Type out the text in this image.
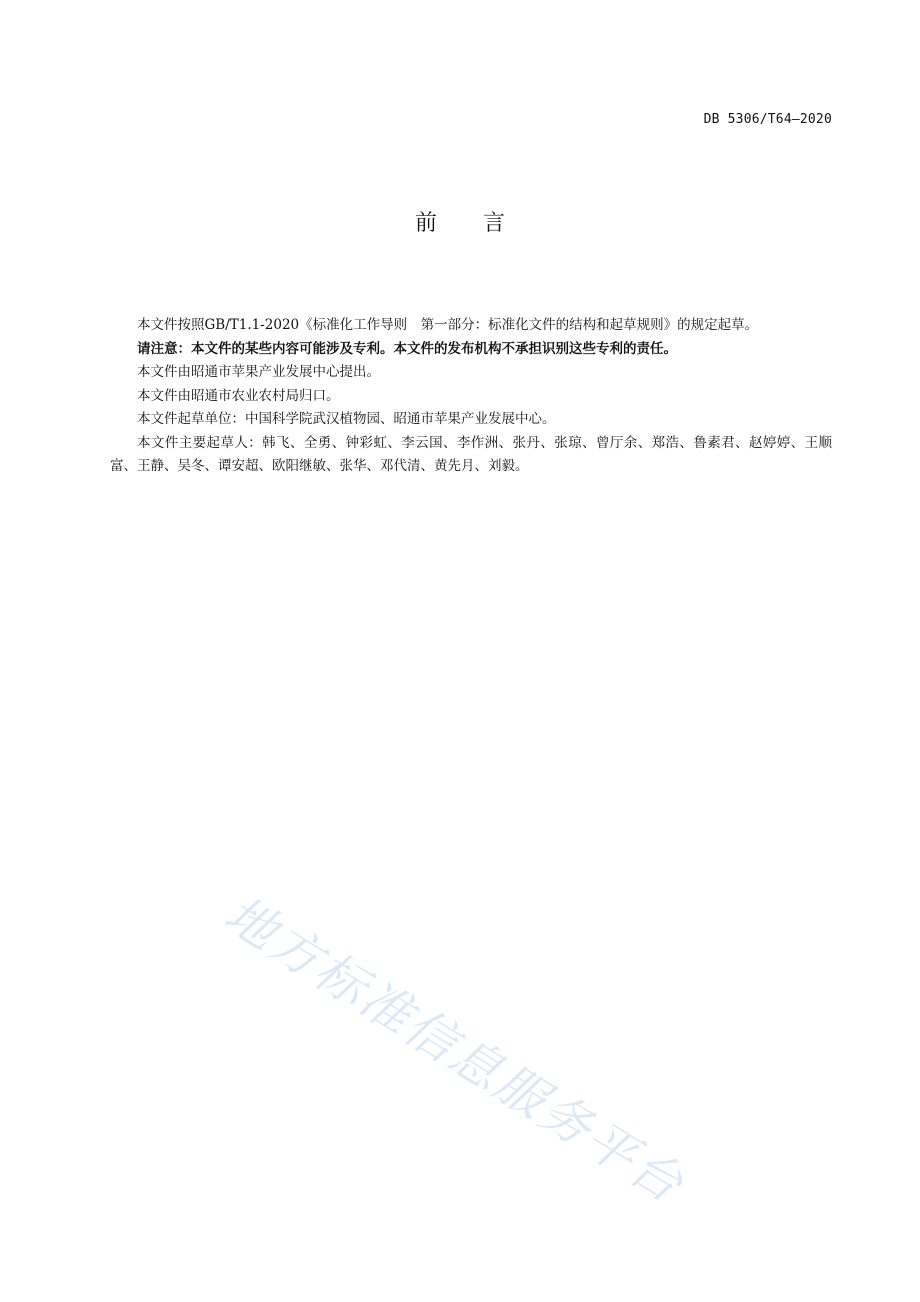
DB 5306/T64—2020
前言

本文件按照GB/T1.1-2020《标准化工作导则　第一部分：标准化文件的结构和起草规则》的规定起草。

请注意：本文件的某些内容可能涉及专利。本文件的发布机构不承担识别这些专利的责任。

本文件由昭通市苹果产业发展中心提出。

本文件由昭通市农业农村局归口。

本文件起草单位：中国科学院武汉植物园、昭通市苹果产业发展中心。

本文件主要起草人：韩飞、全勇、钟彩虹、李云国、李作洲、张丹、张琼、曾厅余、郑浩、鲁素君、赵婷婷、王顺富、王静、吴冬、谭安超、欧阳继敏、张华、邓代清、黄先月、刘毅。

地方标准信息服务平台
